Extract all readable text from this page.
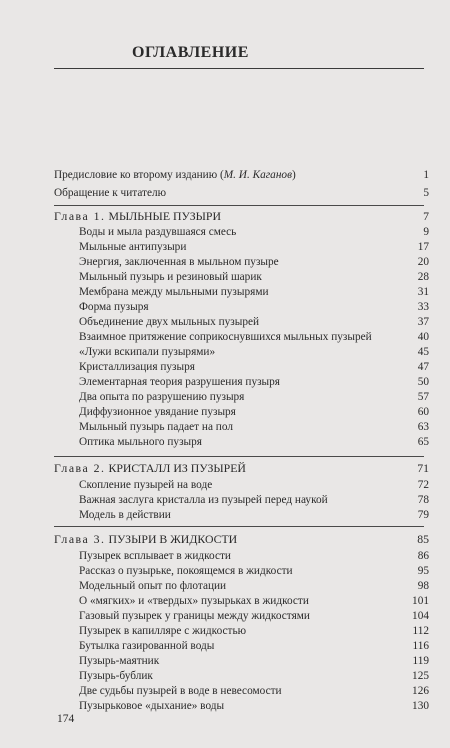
ОГЛАВЛЕНИЕ
Предисловие ко второму изданию (М. И. Каганов)	1
Обращение к читателю	5
Глава 1. МЫЛЬНЫЕ ПУЗЫРИ	7
Воды и мыла раздувшаяся смесь	9
Мыльные антипузыри	17
Энергия, заключенная в мыльном пузыре	20
Мыльный пузырь и резиновый шарик	28
Мембрана между мыльными пузырями	31
Форма пузыря	33
Объединение двух мыльных пузырей	37
Взаимное притяжение соприкоснувшихся мыльных пузырей	40
«Лужи вскипали пузырями»	45
Кристаллизация пузыря	47
Элементарная теория разрушения пузыря	50
Два опыта по разрушению пузыря	57
Диффузионное увядание пузыря	60
Мыльный пузырь падает на пол	63
Оптика мыльного пузыря	65
Глава 2. КРИСТАЛЛ ИЗ ПУЗЫРЕЙ	71
Скопление пузырей на воде	72
Важная заслуга кристалла из пузырей перед наукой	78
Модель в действии	79
Глава 3. ПУЗЫРИ В ЖИДКОСТИ	85
Пузырек всплывает в жидкости	86
Рассказ о пузырьке, покоящемся в жидкости	95
Модельный опыт по флотации	98
О «мягких» и «твердых» пузырьках в жидкости	101
Газовый пузырек у границы между жидкостями	104
Пузырек в капилляре с жидкостью	112
Бутылка газированной воды	116
Пузырь-маятник	119
Пузырь-бублик	125
Две судьбы пузырей в воде в невесомости	126
Пузырьковое «дыхание» воды	130
174
